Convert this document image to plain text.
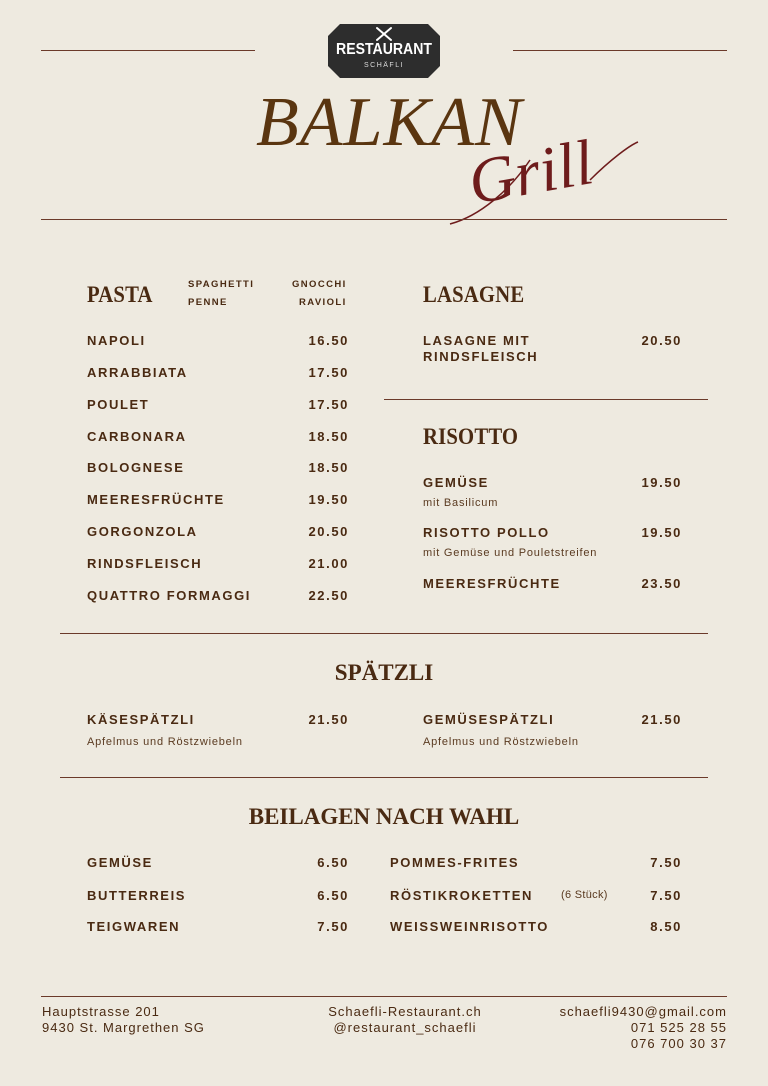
RESTAURANT
SCHÄFLI
BALKAN
Grill
PASTA	SPAGHETTI	GNOCCHI
PENNE	RAVIOLI
NAPOLI	16.50
ARRABBIATA	17.50
POULET	17.50
CARBONARA	18.50
BOLOGNESE	18.50
MEERESFRÜCHTE	19.50
GORGONZOLA	20.50
RINDSFLEISCH	21.00
QUATTRO FORMAGGI	22.50
LASAGNE
LASAGNE MIT
RINDSFLEISCH
20.50
RISOTTO
GEMÜSE	19.50
mit Basilicum
RISOTTO POLLO	19.50
mit Gemüse und Pouletstreifen
MEERESFRÜCHTE	23.50
SPÄTZLI
KÄSESPÄTZLI	21.50
Apfelmus und Röstzwiebeln
GEMÜSESPÄTZLI	21.50
Apfelmus und Röstzwiebeln
BEILAGEN NACH WAHL
GEMÜSE	6.50
BUTTERREIS	6.50
TEIGWAREN	7.50
POMMES-FRITES	7.50
RÖSTIKROKETTEN	(6 Stück)	7.50
WEISSWEINRISOTTO	8.50
Hauptstrasse 201
9430 St. Margrethen SG
Schaefli-Restaurant.ch
@restaurant_schaefli
schaefli9430@gmail.com
071 525 28 55
076 700 30 37
